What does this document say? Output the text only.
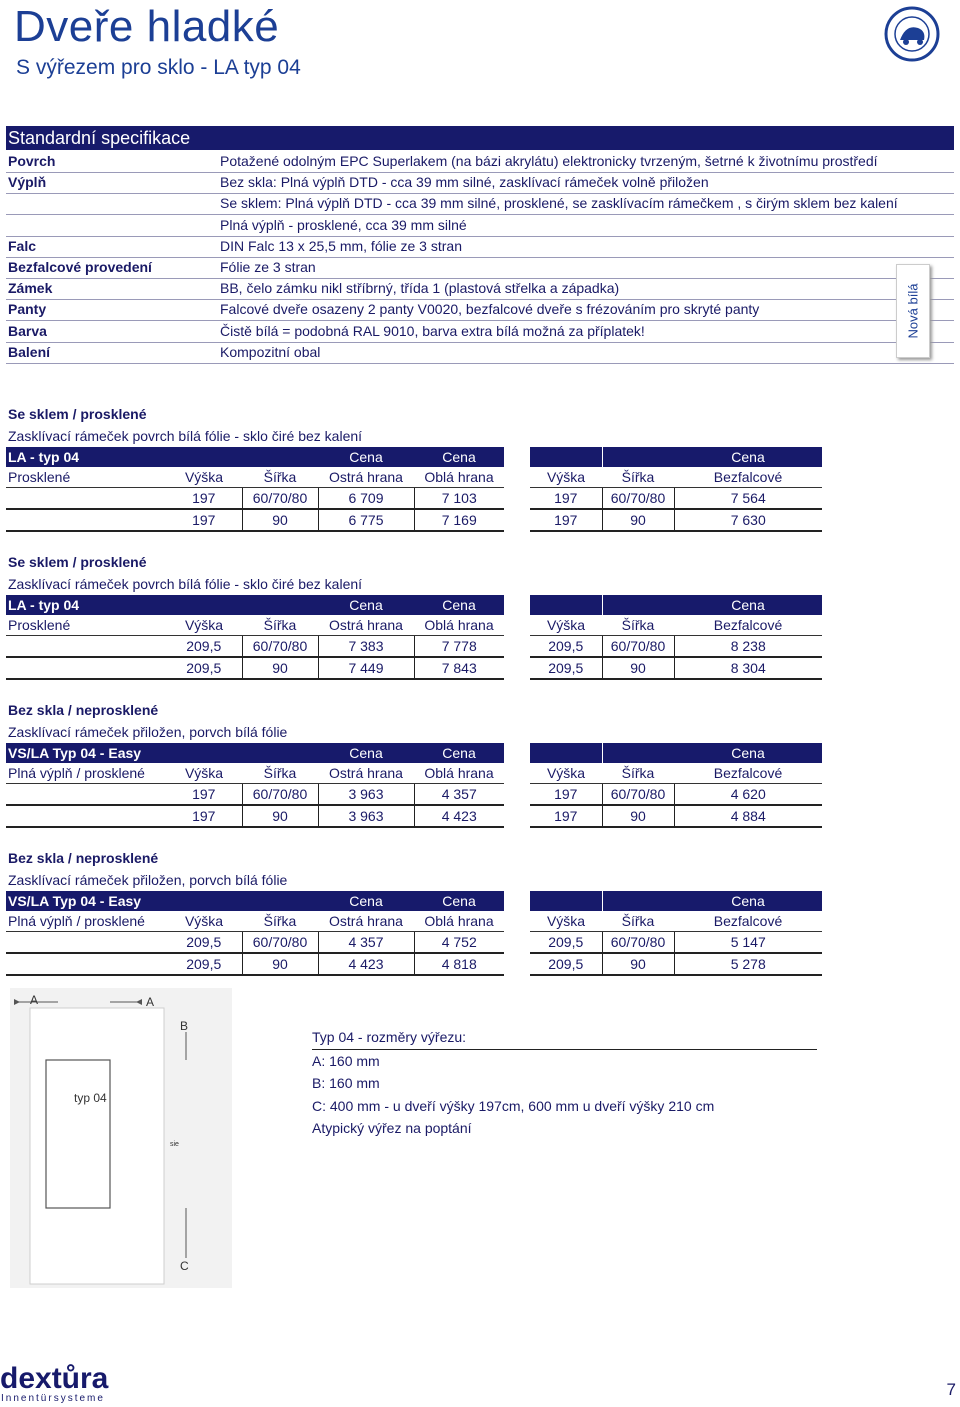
Dveře hladké
S výřezem pro sklo - LA typ 04
Standardní specifikace
Povrch	Potažené odolným EPC Superlakem (na bázi akrylátu) elektronicky tvrzeným, šetrné k životnímu prostředí
Výplň	Bez skla: Plná výplň DTD - cca 39 mm silné, zasklívací rámeček volně přiložen
Se sklem: Plná výplň DTD - cca 39 mm silné, prosklené, se zasklívacím rámečkem , s čirým sklem bez kalení
Plná výplň - prosklené, cca 39 mm silné
Falc	DIN Falc 13 x 25,5 mm, fólie ze 3 stran
Bezfalcové provedení	Fólie ze 3 stran
Zámek	BB, čelo zámku nikl stříbrný, třída 1 (plastová střelka a západka)
Panty	Falcové dveře osazeny 2 panty V0020, bezfalcové dveře s frézováním pro skryté panty
Barva	Čistě bílá = podobná RAL 9010, barva extra bílá možná za příplatek!
Balení	Kompozitní obal
Nová bílá
Se sklem / prosklené
Zasklívací rámeček povrch bílá fólie - sklo čiré bez kalení
LA - typ 04			Cena	Cena				Cena
Prosklené	Výška	Šířka	Ostrá hrana	Oblá hrana		Výška	Šířka	Bezfalcové
	197	60/70/80	6 709	7 103		197	60/70/80	7 564
	197	90	6 775	7 169		197	90	7 630
Se sklem / prosklené
Zasklívací rámeček povrch bílá fólie - sklo čiré bez kalení
LA - typ 04			Cena	Cena				Cena
Prosklené	Výška	Šířka	Ostrá hrana	Oblá hrana		Výška	Šířka	Bezfalcové
	209,5	60/70/80	7 383	7 778		209,5	60/70/80	8 238
	209,5	90	7 449	7 843		209,5	90	8 304
Bez skla / neprosklené
Zasklívací rámeček přiložen, porvch bílá fólie
VS/LA Typ 04 - Easy			Cena	Cena				Cena
Plná výplň / prosklené	Výška	Šířka	Ostrá hrana	Oblá hrana		Výška	Šířka	Bezfalcové
	197	60/70/80	3 963	4 357		197	60/70/80	4 620
	197	90	3 963	4 423		197	90	4 884
Bez skla / neprosklené
Zasklívací rámeček přiložen, porvch bílá fólie
VS/LA Typ 04 - Easy			Cena	Cena				Cena
Plná výplň / prosklené	Výška	Šířka	Ostrá hrana	Oblá hrana		Výška	Šířka	Bezfalcové
	209,5	60/70/80	4 357	4 752		209,5	60/70/80	5 147
	209,5	90	4 423	4 818		209,5	90	5 278
A	A
B
C
typ 04
sie
Typ 04 - rozměry výřezu:
A: 160 mm
B: 160 mm
C: 400 mm - u dveří výšky 197cm, 600 mm u dveří výšky 210 cm
Atypický výřez na poptání
dextůra
Innentürsysteme	7
